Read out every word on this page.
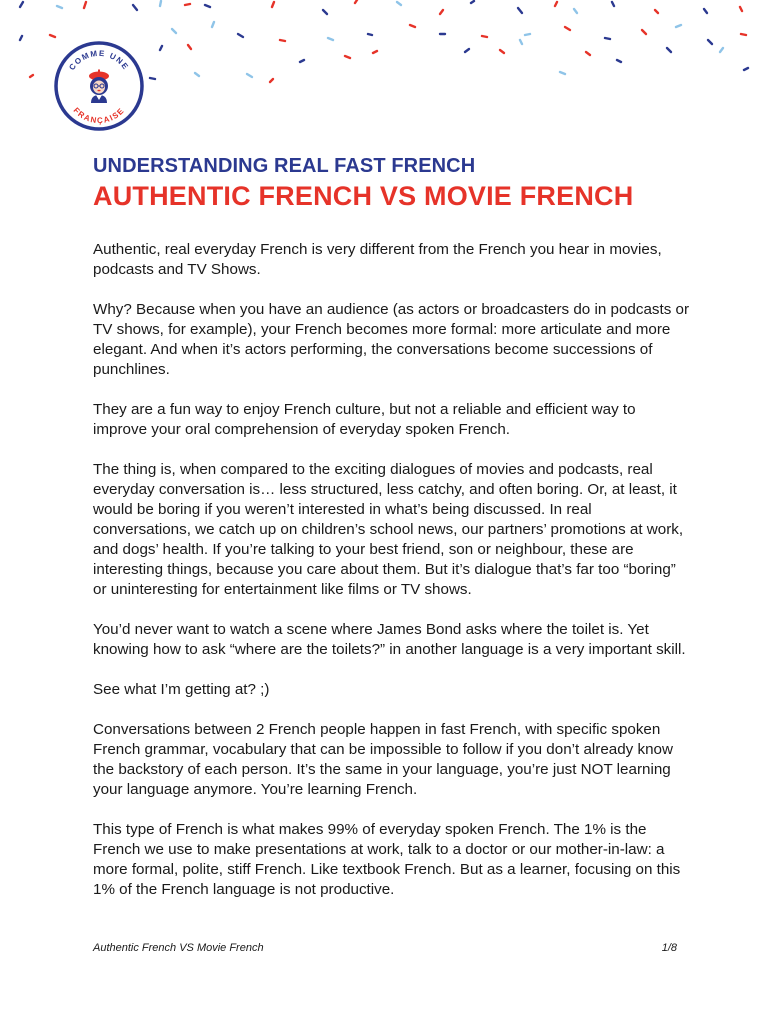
COMME UNE
FRANÇAISE
UNDERSTANDING REAL FAST FRENCH
AUTHENTIC FRENCH VS MOVIE FRENCH

Authentic, real everyday French is very different from the French you hear in movies, podcasts and TV Shows.

Why? Because when you have an audience (as actors or broadcasters do in podcasts or TV shows, for example), your French becomes more formal: more articulate and more elegant. And when it’s actors performing, the conversations become successions of punchlines.

They are a fun way to enjoy French culture, but not a reliable and efficient way to improve your oral comprehension of everyday spoken French.

The thing is, when compared to the exciting dialogues of movies and podcasts, real everyday conversation is… less structured, less catchy, and often boring. Or, at least, it would be boring if you weren’t interested in what’s being discussed. In real conversations, we catch up on children’s school news, our partners’ promotions at work, and dogs’ health. If you’re talking to your best friend, son or neighbour, these are interesting things, because you care about them. But it’s dialogue that’s far too “boring” or uninteresting for entertainment like films or TV shows.

You’d never want to watch a scene where James Bond asks where the toilet is. Yet knowing how to ask “where are the toilets?” in another language is a very important skill.

See what I’m getting at? ;)

Conversations between 2 French people happen in fast French, with specific spoken French grammar, vocabulary that can be impossible to follow if you don’t already know the backstory of each person. It’s the same in your language, you’re just NOT learning your language anymore. You’re learning French.

This type of French is what makes 99% of everyday spoken French. The 1% is the French we use to make presentations at work, talk to a doctor or our mother-in-law: a more formal, polite, stiff French. Like textbook French. But as a learner, focusing on this 1% of the French language is not productive.

Authentic French VS Movie French	1/8
